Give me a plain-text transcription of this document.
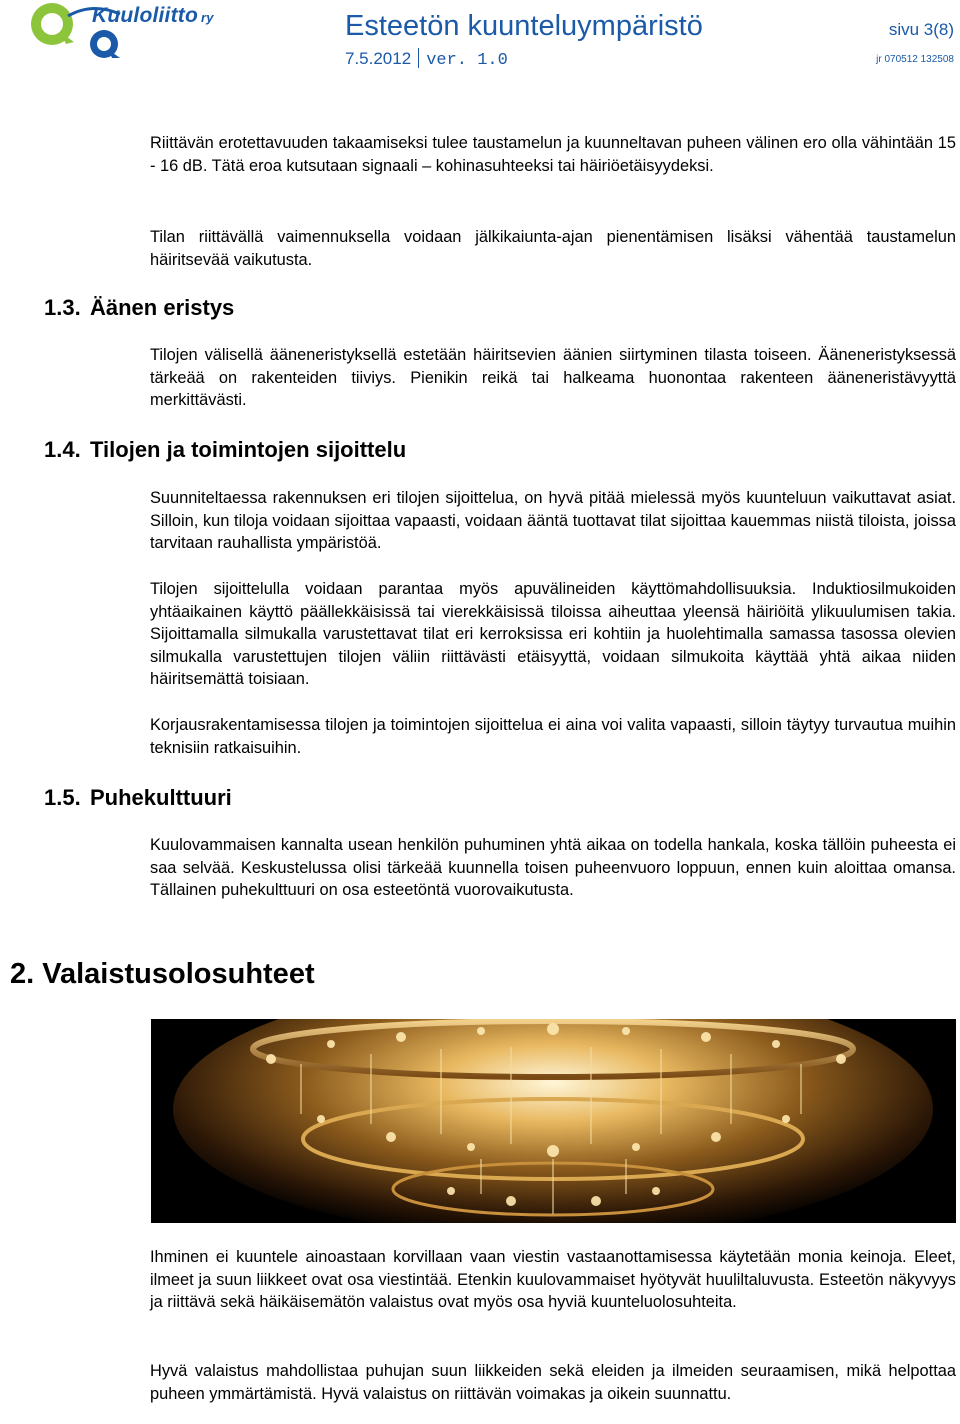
Kuuloliitto ry	Esteetön kuunteluympäristö	sivu 3(8)
7.5.2012 ver. 1.0	jr 070512 132508

Riittävän erotettavuuden takaamiseksi tulee taustamelun ja kuunneltavan puheen välinen ero olla vähintään 15 - 16 dB. Tätä eroa kutsutaan signaali – kohinasuhteeksi tai häiriöetäisyydeksi.

Tilan riittävällä vaimennuksella voidaan jälkikaiunta-ajan pienentämisen lisäksi vähentää taustamelun häiritsevää vaikutusta.

1.3. Äänen eristys

Tilojen välisellä ääneneristyksellä estetään häiritsevien äänien siirtyminen tilasta toiseen. Ääneneristyksessä tärkeää on rakenteiden tiiviys. Pienikin reikä tai halkeama huonontaa rakenteen ääneneristävyyttä merkittävästi.

1.4. Tilojen ja toimintojen sijoittelu

Suunniteltaessa rakennuksen eri tilojen sijoittelua, on hyvä pitää mielessä myös kuunteluun vaikuttavat asiat. Silloin, kun tiloja voidaan sijoittaa vapaasti, voidaan ääntä tuottavat tilat sijoittaa kauemmas niistä tiloista, joissa tarvitaan rauhallista ympäristöä.

Tilojen sijoittelulla voidaan parantaa myös apuvälineiden käyttömahdollisuuksia. Induktiosilmukoiden yhtäaikainen käyttö päällekkäisissä tai vierekkäisissä tiloissa aiheuttaa yleensä häiriöitä ylikuulumisen takia. Sijoittamalla silmukalla varustettavat tilat eri kerroksissa eri kohtiin ja huolehtimalla samassa tasossa olevien silmukalla varustettujen tilojen väliin riittävästi etäisyyttä, voidaan silmukoita käyttää yhtä aikaa niiden häiritsemättä toisiaan.

Korjausrakentamisessa tilojen ja toimintojen sijoittelua ei aina voi valita vapaasti, silloin täytyy turvautua muihin teknisiin ratkaisuihin.

1.5. Puhekulttuuri

Kuulovammaisen kannalta usean henkilön puhuminen yhtä aikaa on todella hankala, koska tällöin puheesta ei saa selvää. Keskustelussa olisi tärkeää kuunnella toisen puheenvuoro loppuun, ennen kuin aloittaa omansa. Tällainen puhekulttuuri on osa esteetöntä vuorovaikutusta.

2. Valaistusolosuhteet

Ihminen ei kuuntele ainoastaan korvillaan vaan viestin vastaanottamisessa käytetään monia keinoja. Eleet, ilmeet ja suun liikkeet ovat osa viestintää. Etenkin kuulovammaiset hyötyvät huuliltaluvusta. Esteetön näkyvyys ja riittävä sekä häikäisemätön valaistus ovat myös osa hyviä kuunteluolosuhteita.

Hyvä valaistus mahdollistaa puhujan suun liikkeiden sekä eleiden ja ilmeiden seuraamisen, mikä helpottaa puheen ymmärtämistä. Hyvä valaistus on riittävän voimakas ja oikein suunnattu.
